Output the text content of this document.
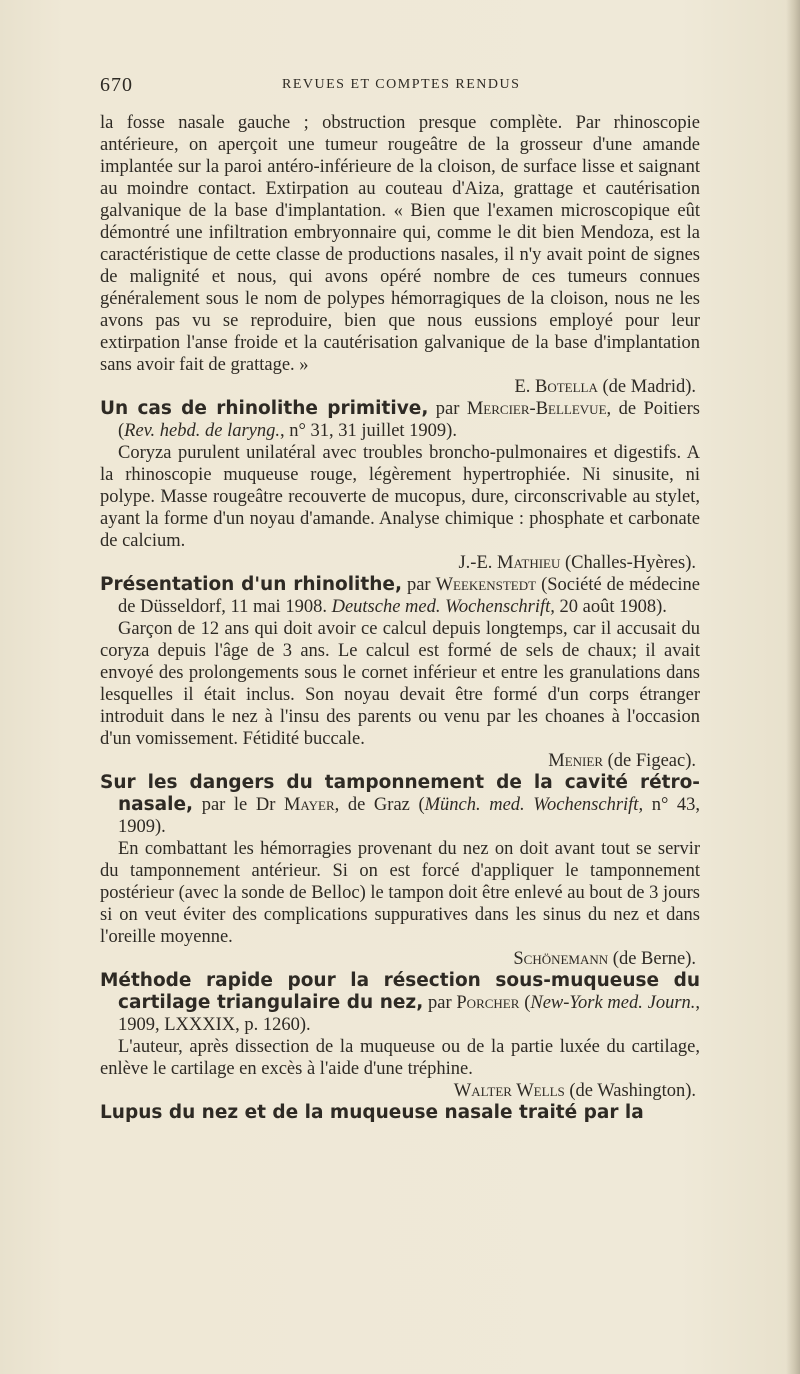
670	REVUES ET COMPTES RENDUS

la fosse nasale gauche ; obstruction presque complète. Par rhinoscopie antérieure, on aperçoit une tumeur rougeâtre de la grosseur d'une amande implantée sur la paroi antéro-inférieure de la cloison, de surface lisse et saignant au moindre contact. Extirpation au couteau d'Aiza, grattage et cautérisation galvanique de la base d'implantation. « Bien que l'examen microscopique eût démontré une infiltration embryonnaire qui, comme le dit bien Mendoza, est la caractéristique de cette classe de productions nasales, il n'y avait point de signes de malignité et nous, qui avons opéré nombre de ces tumeurs connues généralement sous le nom de polypes hémorragiques de la cloison, nous ne les avons pas vu se reproduire, bien que nous eussions employé pour leur extirpation l'anse froide et la cautérisation galvanique de la base d'implantation sans avoir fait de grattage. »

E. Botella (de Madrid).

Un cas de rhinolithe primitive, par Mercier-Bellevue, de Poitiers (Rev. hebd. de laryng., n° 31, 31 juillet 1909).

Coryza purulent unilatéral avec troubles broncho-pulmonaires et digestifs. A la rhinoscopie muqueuse rouge, légèrement hypertrophiée. Ni sinusite, ni polype. Masse rougeâtre recouverte de mucopus, dure, circonscrivable au stylet, ayant la forme d'un noyau d'amande. Analyse chimique : phosphate et carbonate de calcium.

J.-E. Mathieu (Challes-Hyères).

Présentation d'un rhinolithe, par Weekenstedt (Société de médecine de Düsseldorf, 11 mai 1908. Deutsche med. Wochenschrift, 20 août 1908).

Garçon de 12 ans qui doit avoir ce calcul depuis longtemps, car il accusait du coryza depuis l'âge de 3 ans. Le calcul est formé de sels de chaux; il avait envoyé des prolongements sous le cornet inférieur et entre les granulations dans lesquelles il était inclus. Son noyau devait être formé d'un corps étranger introduit dans le nez à l'insu des parents ou venu par les choanes à l'occasion d'un vomissement. Fétidité buccale.

Menier (de Figeac).

Sur les dangers du tamponnement de la cavité rétro-nasale, par le Dr Mayer, de Graz (Münch. med. Wochenschrift, n° 43, 1909).

En combattant les hémorragies provenant du nez on doit avant tout se servir du tamponnement antérieur. Si on est forcé d'appliquer le tamponnement postérieur (avec la sonde de Belloc) le tampon doit être enlevé au bout de 3 jours si on veut éviter des complications suppuratives dans les sinus du nez et dans l'oreille moyenne.

Schönemann (de Berne).

Méthode rapide pour la résection sous-muqueuse du cartilage triangulaire du nez, par Porcher (New-York med. Journ., 1909, LXXXIX, p. 1260).

L'auteur, après dissection de la muqueuse ou de la partie luxée du cartilage, enlève le cartilage en excès à l'aide d'une tréphine.

Walter Wells (de Washington).

Lupus du nez et de la muqueuse nasale traité par la
